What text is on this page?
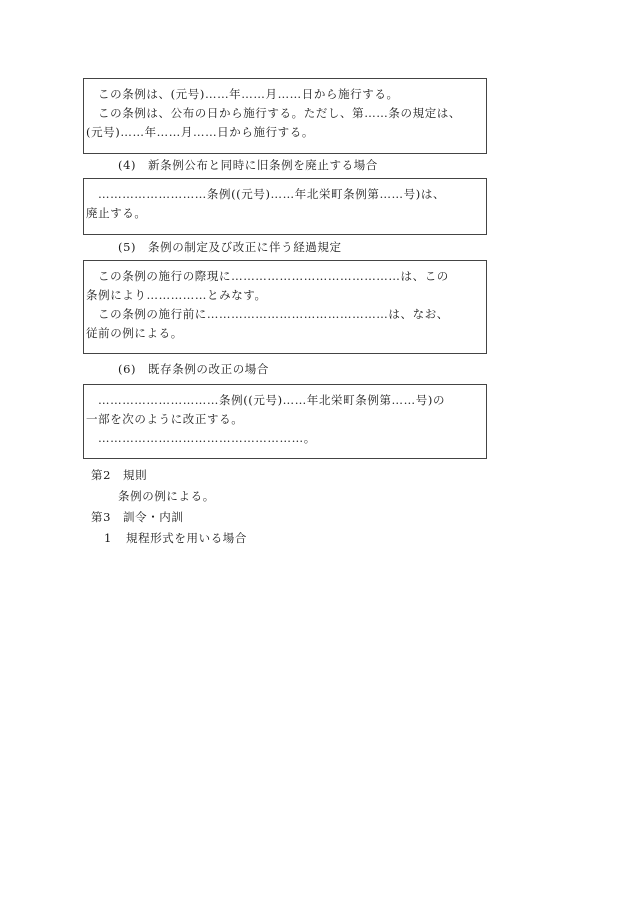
この条例は、(元号)……年……月……日から施行する。

この条例は、公布の日から施行する。ただし、第……条の規定は、

(元号)……年……月……日から施行する。

(4) 新条例公布と同時に旧条例を廃止する場合

………………………条例((元号)……年北栄町条例第……号)は、

廃止する。

(5) 条例の制定及び改正に伴う経過規定

この条例の施行の際現に……………………………………は、この

条例により……………とみなす。

この条例の施行前に………………………………………は、なお、

従前の例による。

(6) 既存条例の改正の場合

…………………………条例((元号)……年北栄町条例第……号)の

一部を次のように改正する。

……………………………………………。

第2 規則

条例の例による。

第3 訓令・内訓

1 規程形式を用いる場合
